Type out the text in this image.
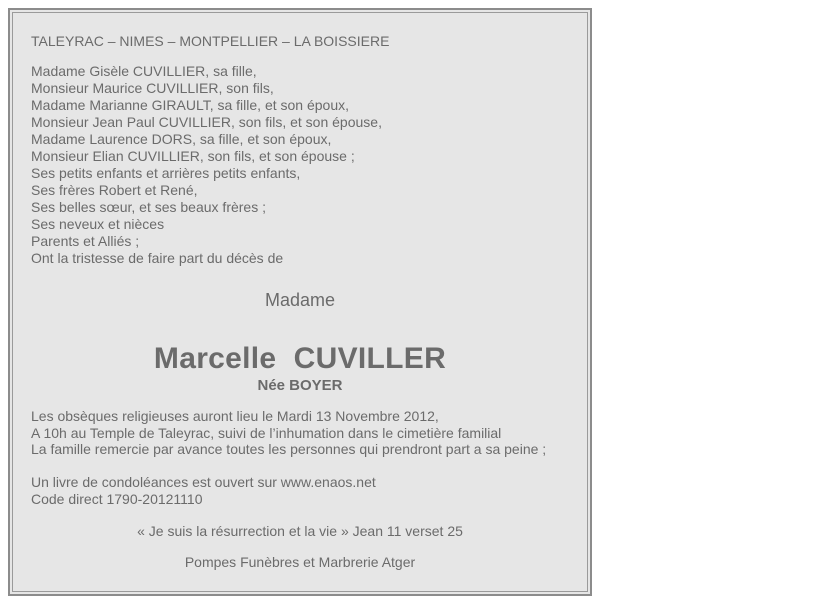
TALEYRAC – NIMES – MONTPELLIER – LA BOISSIERE
Madame Gisèle CUVILLIER, sa fille,
Monsieur Maurice CUVILLIER, son fils,
Madame Marianne GIRAULT, sa fille, et son époux,
Monsieur Jean Paul CUVILLIER, son fils, et son épouse,
Madame Laurence DORS, sa fille, et son époux,
Monsieur Elian CUVILLIER, son fils, et son épouse ;
Ses petits enfants et arrières petits enfants,
Ses frères Robert et René,
Ses belles sœur, et ses beaux frères ;
Ses neveux et nièces
Parents et Alliés ;
Ont la tristesse de faire part du décès de
Madame
Marcelle  CUVILLER
Née BOYER
Les obsèques religieuses auront lieu le Mardi 13 Novembre 2012,
A 10h au Temple de Taleyrac, suivi de l’inhumation dans le cimetière familial
La famille remercie par avance toutes les personnes qui prendront part a sa peine ;
Un livre de condoléances est ouvert sur www.enaos.net
Code direct 1790-20121110
« Je suis la résurrection et la vie » Jean 11 verset 25
Pompes Funèbres et Marbrerie Atger
